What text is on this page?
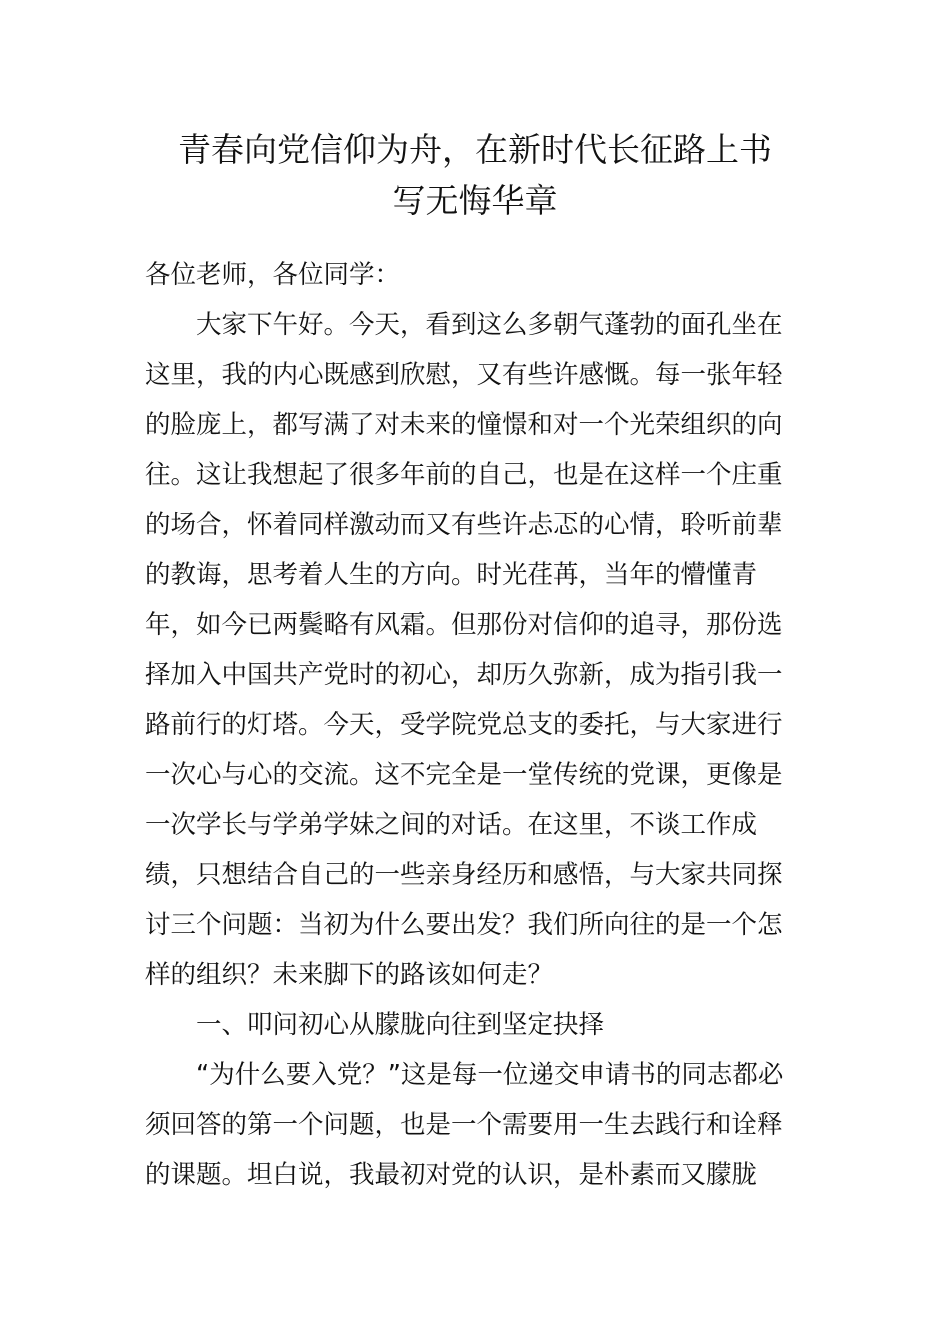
青春向党信仰为舟，在新时代长征路上书
写无悔华章
各位老师，各位同学：
大家下午好。今天，看到这么多朝气蓬勃的面孔坐在
这里，我的内心既感到欣慰，又有些许感慨。每一张年轻
的脸庞上，都写满了对未来的憧憬和对一个光荣组织的向
往。这让我想起了很多年前的自己，也是在这样一个庄重
的场合，怀着同样激动而又有些许忐忑的心情，聆听前辈
的教诲，思考着人生的方向。时光荏苒，当年的懵懂青
年，如今已两鬓略有风霜。但那份对信仰的追寻，那份选
择加入中国共产党时的初心，却历久弥新，成为指引我一
路前行的灯塔。今天，受学院党总支的委托，与大家进行
一次心与心的交流。这不完全是一堂传统的党课，更像是
一次学长与学弟学妹之间的对话。在这里，不谈工作成
绩，只想结合自己的一些亲身经历和感悟，与大家共同探
讨三个问题：当初为什么要出发？我们所向往的是一个怎
样的组织？未来脚下的路该如何走？
一、叩问初心从朦胧向往到坚定抉择
“为什么要入党？”这是每一位递交申请书的同志都必
须回答的第一个问题，也是一个需要用一生去践行和诠释
的课题。坦白说，我最初对党的认识，是朴素而又朦胧
